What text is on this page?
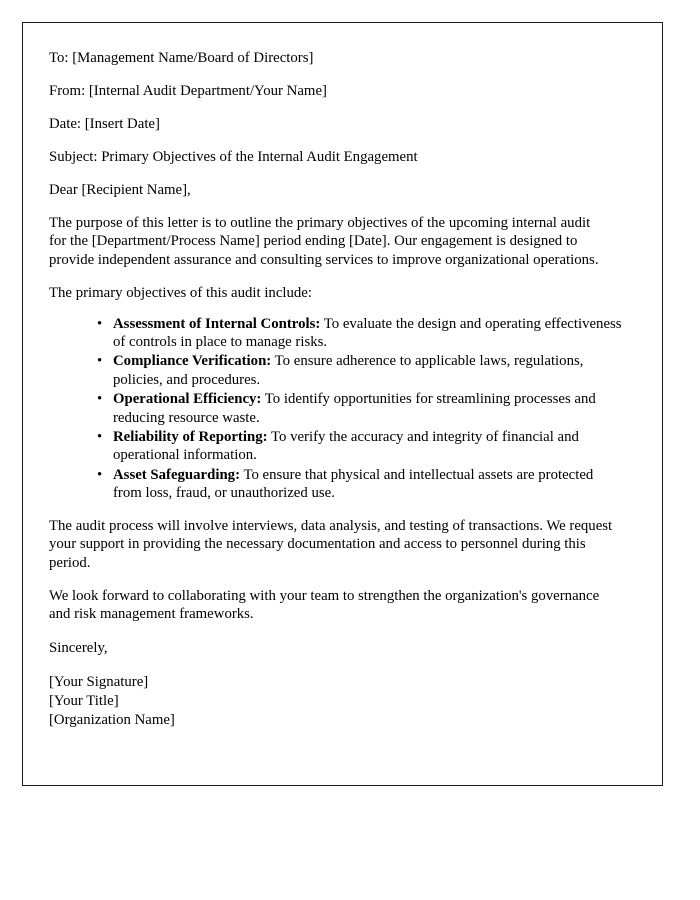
To: [Management Name/Board of Directors]
From: [Internal Audit Department/Your Name]
Date: [Insert Date]
Subject: Primary Objectives of the Internal Audit Engagement
Dear [Recipient Name],

The purpose of this letter is to outline the primary objectives of the upcoming internal audit for the [Department/Process Name] period ending [Date]. Our engagement is designed to provide independent assurance and consulting services to improve organizational operations.

The primary objectives of this audit include:

• Assessment of Internal Controls: To evaluate the design and operating effectiveness of controls in place to manage risks.
• Compliance Verification: To ensure adherence to applicable laws, regulations, policies, and procedures.
• Operational Efficiency: To identify opportunities for streamlining processes and reducing resource waste.
• Reliability of Reporting: To verify the accuracy and integrity of financial and operational information.
• Asset Safeguarding: To ensure that physical and intellectual assets are protected from loss, fraud, or unauthorized use.

The audit process will involve interviews, data analysis, and testing of transactions. We request your support in providing the necessary documentation and access to personnel during this period.

We look forward to collaborating with your team to strengthen the organization's governance and risk management frameworks.

Sincerely,
[Your Signature]
[Your Title]
[Organization Name]
